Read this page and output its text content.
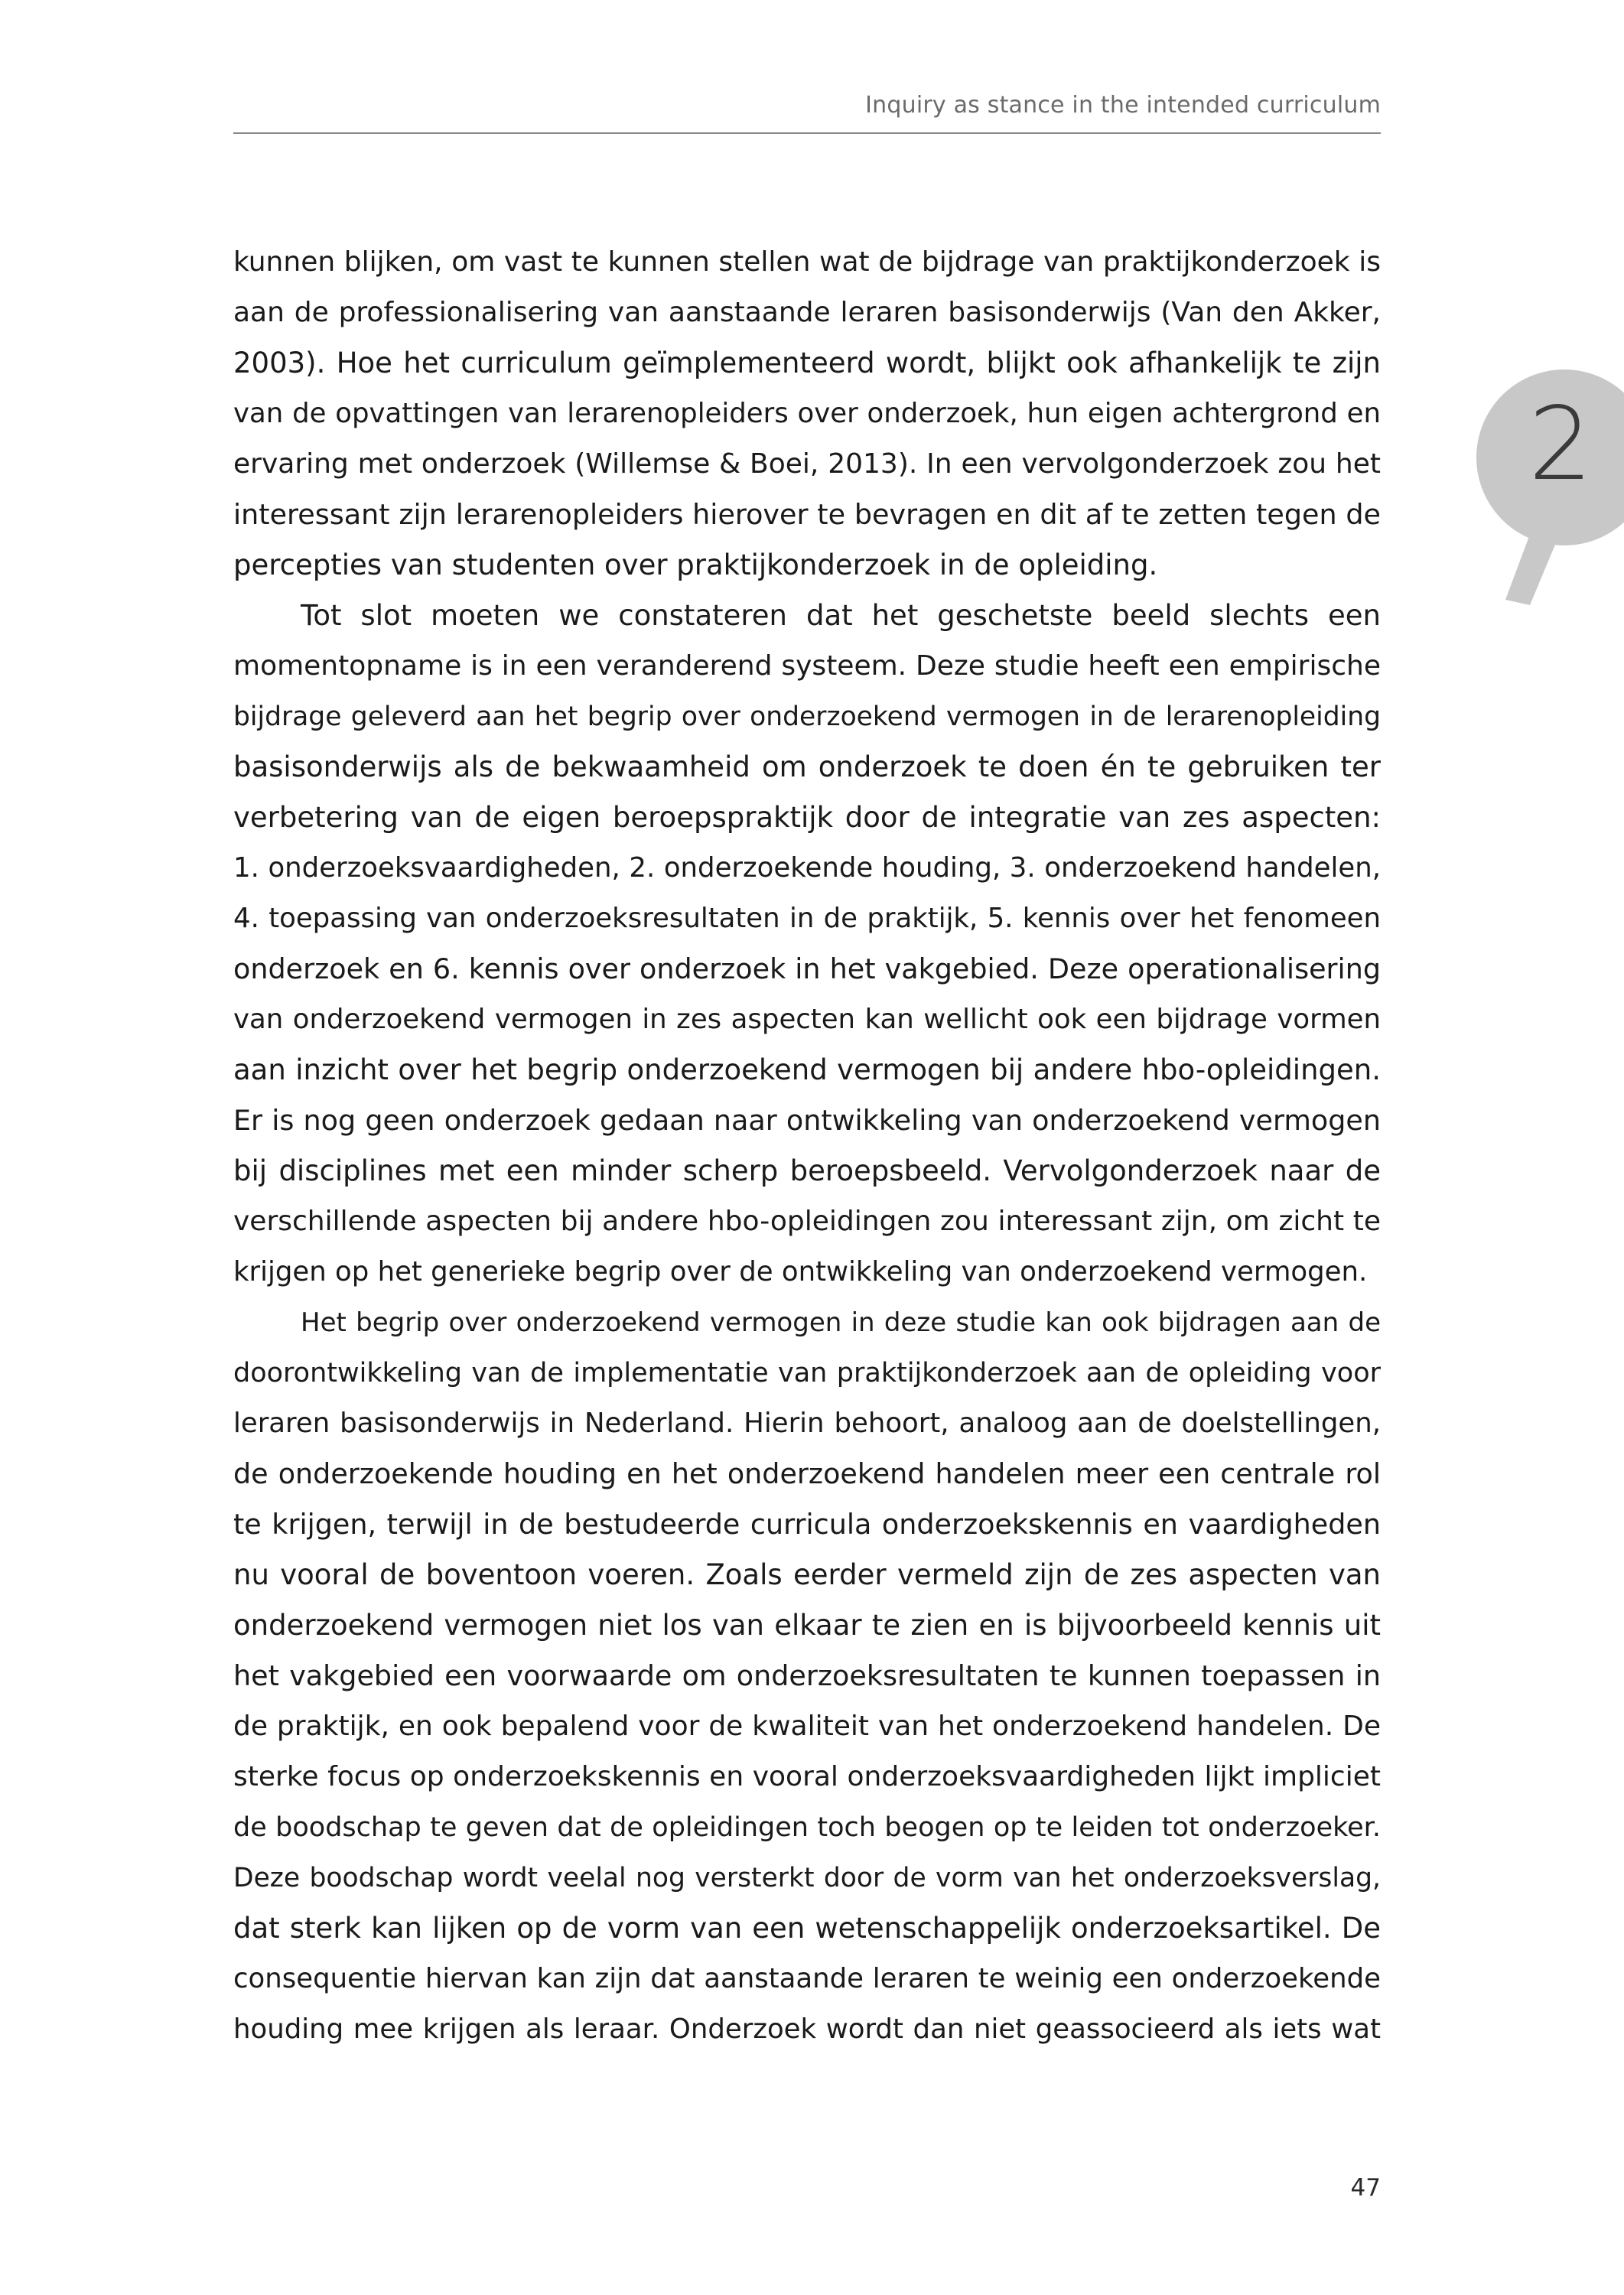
Inquiry as stance in the intended curriculum
2

kunnen blijken, om vast te kunnen stellen wat de bijdrage van praktijkonderzoek is
aan de professionalisering van aanstaande leraren basisonderwijs (Van den Akker,
2003). Hoe het curriculum geïmplementeerd wordt, blijkt ook afhankelijk te zijn
van de opvattingen van lerarenopleiders over onderzoek, hun eigen achtergrond en
ervaring met onderzoek (Willemse & Boei, 2013). In een vervolgonderzoek zou het
interessant zijn lerarenopleiders hierover te bevragen en dit af te zetten tegen de
percepties van studenten over praktijkonderzoek in de opleiding.

Tot slot moeten we constateren dat het geschetste beeld slechts een
momentopname is in een veranderend systeem. Deze studie heeft een empirische
bijdrage geleverd aan het begrip over onderzoekend vermogen in de lerarenopleiding
basisonderwijs als de bekwaamheid om onderzoek te doen én te gebruiken ter
verbetering van de eigen beroepspraktijk door de integratie van zes aspecten:
1. onderzoeksvaardigheden, 2. onderzoekende houding, 3. onderzoekend handelen,
4. toepassing van onderzoeksresultaten in de praktijk, 5. kennis over het fenomeen
onderzoek en 6. kennis over onderzoek in het vakgebied. Deze operationalisering
van onderzoekend vermogen in zes aspecten kan wellicht ook een bijdrage vormen
aan inzicht over het begrip onderzoekend vermogen bij andere hbo-opleidingen.
Er is nog geen onderzoek gedaan naar ontwikkeling van onderzoekend vermogen
bij disciplines met een minder scherp beroepsbeeld. Vervolgonderzoek naar de
verschillende aspecten bij andere hbo-opleidingen zou interessant zijn, om zicht te
krijgen op het generieke begrip over de ontwikkeling van onderzoekend vermogen.

Het begrip over onderzoekend vermogen in deze studie kan ook bijdragen aan de
doorontwikkeling van de implementatie van praktijkonderzoek aan de opleiding voor
leraren basisonderwijs in Nederland. Hierin behoort, analoog aan de doelstellingen,
de onderzoekende houding en het onderzoekend handelen meer een centrale rol
te krijgen, terwijl in de bestudeerde curricula onderzoekskennis en vaardigheden
nu vooral de boventoon voeren. Zoals eerder vermeld zijn de zes aspecten van
onderzoekend vermogen niet los van elkaar te zien en is bijvoorbeeld kennis uit
het vakgebied een voorwaarde om onderzoeksresultaten te kunnen toepassen in
de praktijk, en ook bepalend voor de kwaliteit van het onderzoekend handelen. De
sterke focus op onderzoekskennis en vooral onderzoeksvaardigheden lijkt impliciet
de boodschap te geven dat de opleidingen toch beogen op te leiden tot onderzoeker.
Deze boodschap wordt veelal nog versterkt door de vorm van het onderzoeksverslag,
dat sterk kan lijken op de vorm van een wetenschappelijk onderzoeksartikel. De
consequentie hiervan kan zijn dat aanstaande leraren te weinig een onderzoekende
houding mee krijgen als leraar. Onderzoek wordt dan niet geassocieerd als iets wat

47
